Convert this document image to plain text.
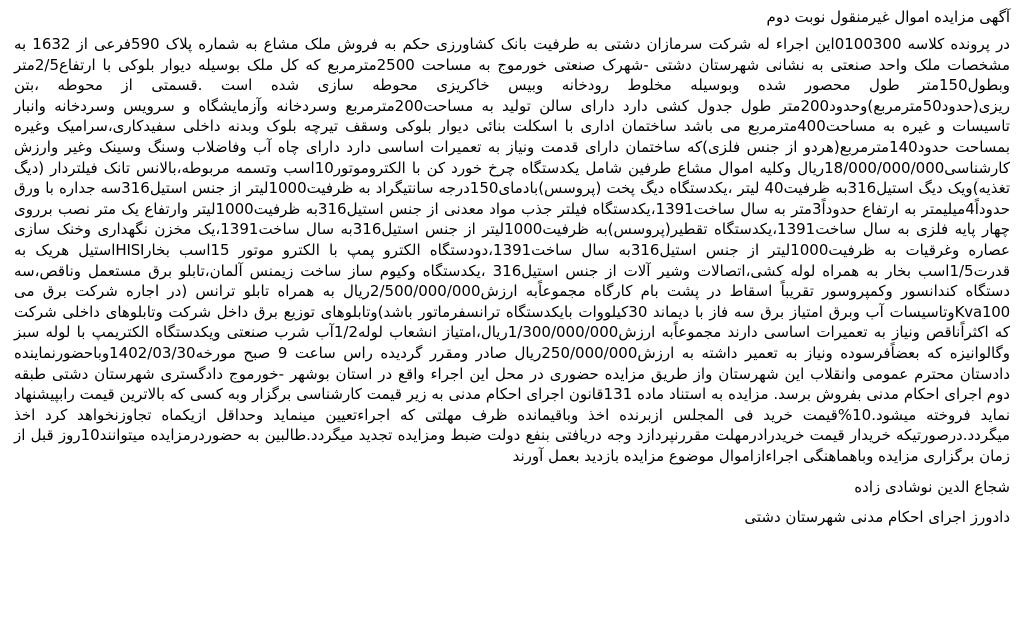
آگهی مزایده اموال غیرمنقول نوبت دوم

در پرونده کلاسه 0100300این اجراء له شرکت سرمازان دشتی به طرفیت بانک کشاورزی حکم به فروش ملک مشاع به شماره پلاک 590فرعی از 1632 به مشخصات ملک واحد صنعتی به نشانی شهرستان دشتی -شهرک صنعتی خورموج به مساحت 2500مترمربع که کل ملک بوسیله دیوار بلوکی با ارتفاع2/5متر وبطول150متر طول محصور شده وبوسیله مخلوط رودخانه وبیس خاکریزی محوطه سازی شده است .قسمتی از محوطه ،بتن ریزی(حدود50مترمربع)وحدود200متر طول جدول کشی دارد دارای سالن تولید به مساحت200مترمربع وسردخانه وآزمایشگاه و سرویس وسردخانه وانبار تاسیسات و غیره به مساحت400مترمربع می باشد ساختمان اداری با اسکلت بنائی دیوار بلوکی وسقف تیرچه بلوک وبدنه داخلی سفیدکاری،سرامیک وغیره بمساحت حدود140مترمربع(هردو از جنس فلزی)که ساختمان دارای قدمت ونیاز به تعمیرات اساسی دارد دارای چاه آب وفاضلاب وسنگ وسینک وغیر وارزش کارشناسی18/000/000/000ریال وکلیه اموال مشاع طرفین شامل یکدستگاه چرخ خورد کن با الکتروموتور10اسب وتسمه مربوطه،بالانس تانک فیلتردار (دیگ تغذیه)ویک دیگ استیل316به ظرفیت40 لیتر ،یکدستگاه دیگ پخت (پروسس)بادمای150درجه سانتیگراد به ظرفیت1000لیتر از جنس استیل316سه جداره با ورق حدوداً4میلیمتر به ارتفاع حدوداً3متر به سال ساخت1391،یکدستگاه فیلتر جذب مواد معدنی از جنس استیل316به ظرفیت1000لیتر وارتفاع یک متر نصب برروی چهار پایه فلزی به سال ساخت1391،یکدستگاه تقطیر(پروسس)به ظرفیت1000لیتر از جنس استیل316به سال ساخت1391،یک مخزن نگهداری وخنک سازی عصاره وغرقیات به ظرفیت1000لیتر از جنس استیل316به سال ساخت1391،دودستگاه الکترو پمپ با الکترو موتور 15اسب بخارHISIاستیل هریک به قدرت1/5اسب بخار به همراه لوله کشی،اتصالات وشیر آلات از جنس استیل316 ،یکدستگاه وکیوم ساز ساخت زیمنس آلمان،تابلو برق مستعمل وناقص،سه دستگاه کندانسور وکمپروسور تقریباً اسقاط در پشت بام کارگاه مجموعاًبه ارزش2/500/000/000ریال به همراه تابلو ترانس (در اجاره شرکت برق می Kva100وتاسیسات آب وبرق امتیاز برق سه فاز با دیماند 30کیلووات بایکدستگاه ترانسفرماتور باشد)وتابلوهای توزیع برق داخل شرکت وتابلوهای داخلی شرکت که اکثراًناقص ونیاز به تعمیرات اساسی دارند مجموعاًبه ارزش1/300/000/000ریال،امتیاز انشعاب لوله1/2آب شرب صنعتی ویکدستگاه الکتریمپ با لوله سبز وگالوانیزه که بعضاًفرسوده ونیاز به تعمیر داشته به ارزش250/000/000ریال صادر ومقرر گردیده راس ساعت 9 صبح مورخه1402/03/30وباحضورنماینده دادستان محترم عمومی وانقلاب این شهرستان واز طریق مزایده حضوری در محل این اجراء واقع در استان بوشهر -خورموج دادگستری شهرستان دشتی طبقه دوم اجرای احکام مدنی بفروش برسد. مزایده به استناد ماده 131قانون اجرای احکام مدنی به زیر قیمت کارشناسی برگزار وبه کسی که بالاترین قیمت رابپیشنهاد نماید فروخته میشود.10%قیمت خرید فی المجلس ازبرنده اخذ وباقیمانده ظرف مهلتی که اجراءتعیین مینماید وحداقل ازیکماه تجاوزنخواهد کرد اخذ میگردد.درصورتیکه خریدار قیمت خریدرادرمهلت مقررنپردازد وجه دریافتی بنفع دولت ضبط ومزایده تجدید میگردد.طالبین به حضوردرمزایده میتوانند10روز قبل از زمان برگزاری مزایده وباهماهنگی اجراءازاموال موضوع مزایده بازدید بعمل آورند

شجاع الدین نوشادی زاده
دادورز اجرای احکام مدنی شهرستان دشتی
